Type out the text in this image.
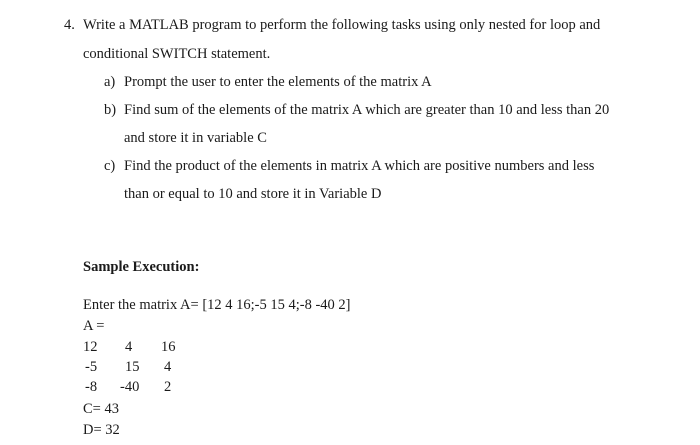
4. Write a MATLAB program to perform the following tasks using only nested for loop and
conditional SWITCH statement.
a) Prompt the user to enter the elements of the matrix A
b) Find sum of the elements of the matrix A which are greater than 10 and less than 20
and store it in variable C
c) Find the product of the elements in matrix A which are positive numbers and less
than or equal to 10 and store it in Variable D
Sample Execution:
Enter the matrix A= [12 4 16;-5 15 4;-8 -40 2]
A =
12 4 16
-5 15 4
-8 -40 2
C= 43
D= 32
